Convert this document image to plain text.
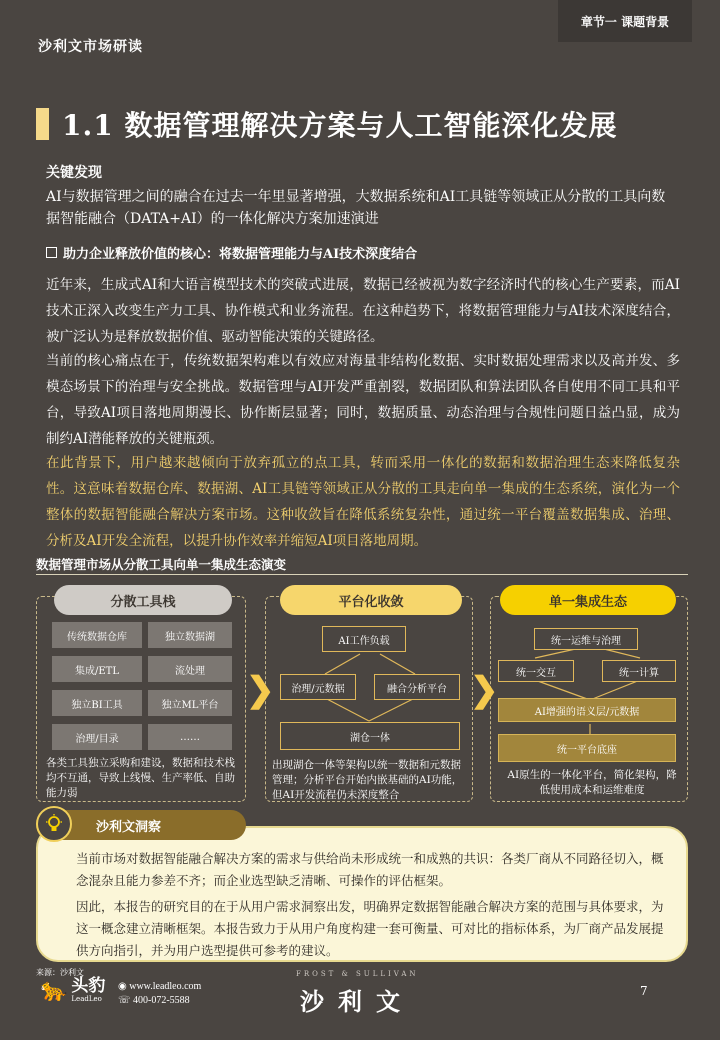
沙利文市场研读
章节一 课题背景
1.1 数据管理解决方案与人工智能深化发展
关键发现
AI与数据管理之间的融合在过去一年里显著增强，大数据系统和AI工具链等领域正从分散的工具向数据智能融合（DATA+AI）的一体化解决方案加速演进
助力企业释放价值的核心：将数据管理能力与AI技术深度结合
近年来，生成式AI和大语言模型技术的突破式进展，数据已经被视为数字经济时代的核心生产要素，而AI技术正深入改变生产力工具、协作模式和业务流程。在这种趋势下，将数据管理能力与AI技术深度结合，被广泛认为是释放数据价值、驱动智能决策的关键路径。
当前的核心痛点在于，传统数据架构难以有效应对海量非结构化数据、实时数据处理需求以及高并发、多模态场景下的治理与安全挑战。数据管理与AI开发严重割裂，数据团队和算法团队各自使用不同工具和平台，导致AI项目落地周期漫长、协作断层显著；同时，数据质量、动态治理与合规性问题日益凸显，成为制约AI潜能释放的关键瓶颈。
在此背景下，用户越来越倾向于放弃孤立的点工具，转而采用一体化的数据和数据治理生态来降低复杂性。这意味着数据仓库、数据湖、AI工具链等领域正从分散的工具走向单一集成的生态系统，演化为一个整体的数据智能融合解决方案市场。这种收敛旨在降低系统复杂性，通过统一平台覆盖数据集成、治理、分析及AI开发全流程，以提升协作效率并缩短AI项目落地周期。
数据管理市场从分散工具向单一集成生态演变
分散工具栈	平台化收敛	单一集成生态
传统数据仓库	独立数据湖
集成/ETL	流处理
独立BI工具	独立ML平台
治理/目录	……
各类工具独立采购和建设，数据和技术栈均不互通，导致上线慢、生产率低、自助能力弱
❯	❯
AI工作负载
治理/元数据	融合分析平台
湖仓一体
出现湖仓一体等架构以统一数据和元数据管理；分析平台开始内嵌基础的AI功能，但AI开发流程仍未深度整合
统一运维与治理
统一交互	统一计算
AI增强的语义层/元数据
统一平台底座
AI原生的一体化平台，简化架构，降低使用成本和运维难度
沙利文洞察
当前市场对数据智能融合解决方案的需求与供给尚未形成统一和成熟的共识：各类厂商从不同路径切入，概念混杂且能力参差不齐；而企业选型缺乏清晰、可操作的评估框架。
因此，本报告的研究目的在于从用户需求洞察出发，明确界定数据智能融合解决方案的范围与具体要求，为这一概念建立清晰框架。本报告致力于从用户角度构建一套可衡量、可对比的指标体系，为厂商产品发展提供方向指引，并为用户选型提供可参考的建议。
来源：沙利文
🐆 头豹
LeadLeo
◉ www.leadleo.com
☏ 400-072-5588
FROST & SULLIVAN
沙利文	7
